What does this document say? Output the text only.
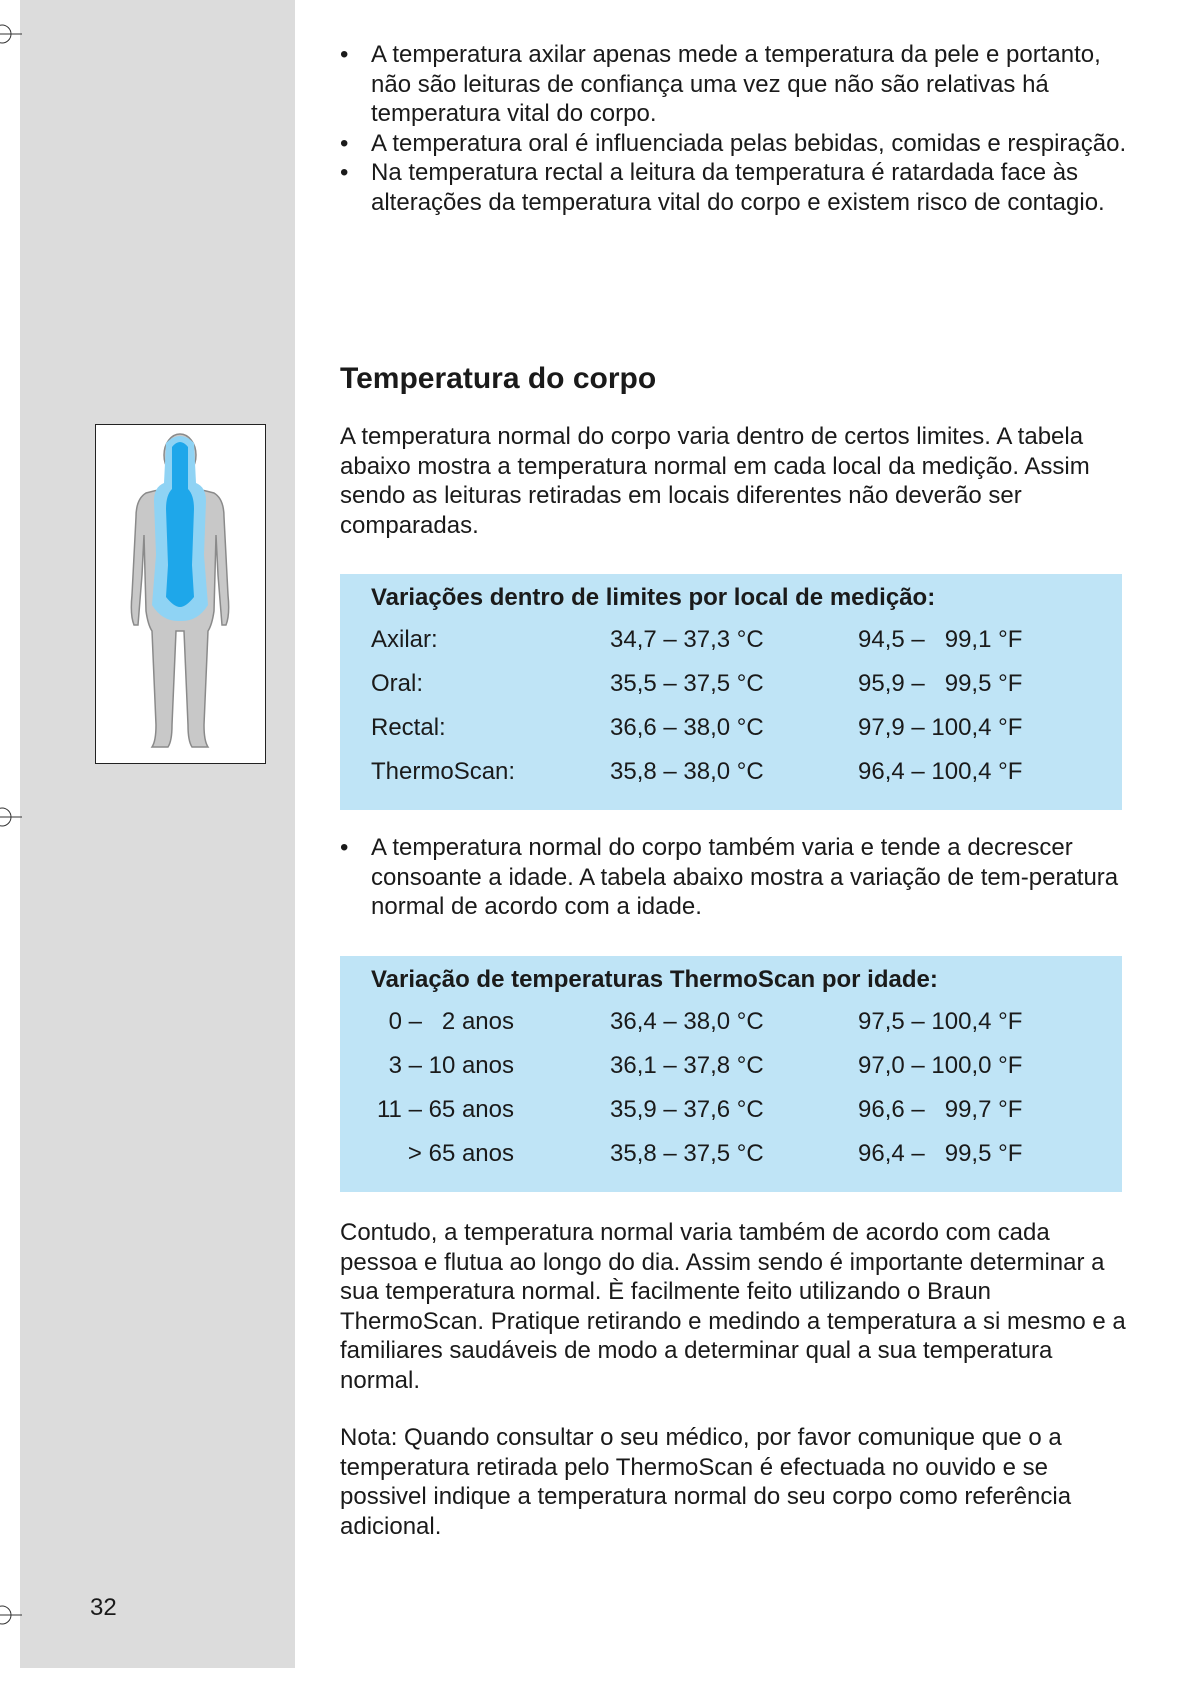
• A temperatura axilar apenas mede a temperatura da pele e portanto, não são leituras de confiança uma vez que não são relativas há temperatura vital do corpo.
• A temperatura oral é influenciada pelas bebidas, comidas e respiração.
• Na temperatura rectal a leitura da temperatura é ratardada face às alterações da temperatura vital do corpo e existem risco de contagio.
Temperatura do corpo

A temperatura normal do corpo varia dentro de certos limites. A tabela abaixo mostra a temperatura normal em cada local da medição. Assim sendo as leituras retiradas em locais diferentes não deverão ser comparadas.

Variações dentro de limites por local de medição:
Axilar:	34,7 – 37,3 °C	94,5 –   99,1 °F
Oral:	35,5 – 37,5 °C	95,9 –   99,5 °F
Rectal:	36,6 – 38,0 °C	97,9 – 100,4 °F
ThermoScan:	35,8 – 38,0 °C	96,4 – 100,4 °F
• A temperatura normal do corpo também varia e tende a decrescer consoante a idade. A tabela abaixo mostra a variação de tem-peratura normal de acordo com a idade.
Variação de temperaturas ThermoScan por idade:
0 –   2 anos	36,4 – 38,0 °C	97,5 – 100,4 °F
3 – 10 anos	36,1 – 37,8 °C	97,0 – 100,0 °F
11 – 65 anos	35,9 – 37,6 °C	96,6 –   99,7 °F
> 65 anos	35,8 – 37,5 °C	96,4 –   99,5 °F

Contudo, a temperatura normal varia também de acordo com cada pessoa e flutua ao longo do dia. Assim sendo é importante determinar a sua temperatura normal. È facilmente feito utilizando o Braun ThermoScan. Pratique retirando e medindo a temperatura a si mesmo e a familiares saudáveis de modo a determinar qual a sua temperatura normal.

Nota: Quando consultar o seu médico, por favor comunique que o a temperatura retirada pelo ThermoScan é efectuada no ouvido e se possivel indique a temperatura normal do seu corpo como referência adicional.

32
